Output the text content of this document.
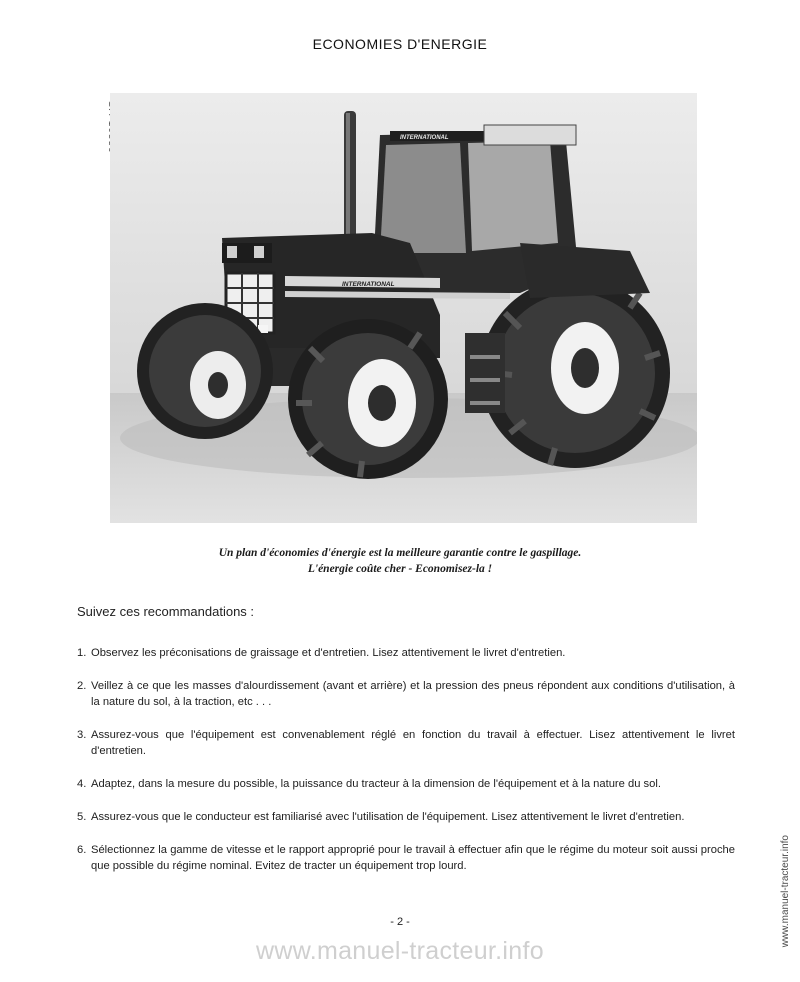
ECONOMIES D'ENERGIE
INTERNATIONAL
INTERNATIONAL
Un plan d'économies d'énergie est la meilleure garantie contre le gaspillage.
L'énergie coûte cher - Economisez-la !
Suivez ces recommandations :
1. Observez les préconisations de graissage et d'entretien. Lisez attentivement le livret d'entretien.
2. Veillez à ce que les masses d'alourdissement (avant et arrière) et la pression des pneus répondent aux conditions d'utilisation, à la nature du sol, à la traction, etc . . .
3. Assurez-vous que l'équipement est convenablement réglé en fonction du travail à effectuer. Lisez attentivement le livret d'entretien.
4. Adaptez, dans la mesure du possible, la puissance du tracteur à la dimension de l'équipement et à la nature du sol.
5. Assurez-vous que le conducteur est familiarisé avec l'utilisation de l'équipement. Lisez attentivement le livret d'entretien.
6. Sélectionnez la gamme de vitesse et le rapport approprié pour le travail à effectuer afin que le régime du moteur soit aussi proche que possible du régime nominal. Evitez de tracter un équipement trop lourd.
- 2 -
www.manuel-tracteur.info
www.manuel-tracteur.info
